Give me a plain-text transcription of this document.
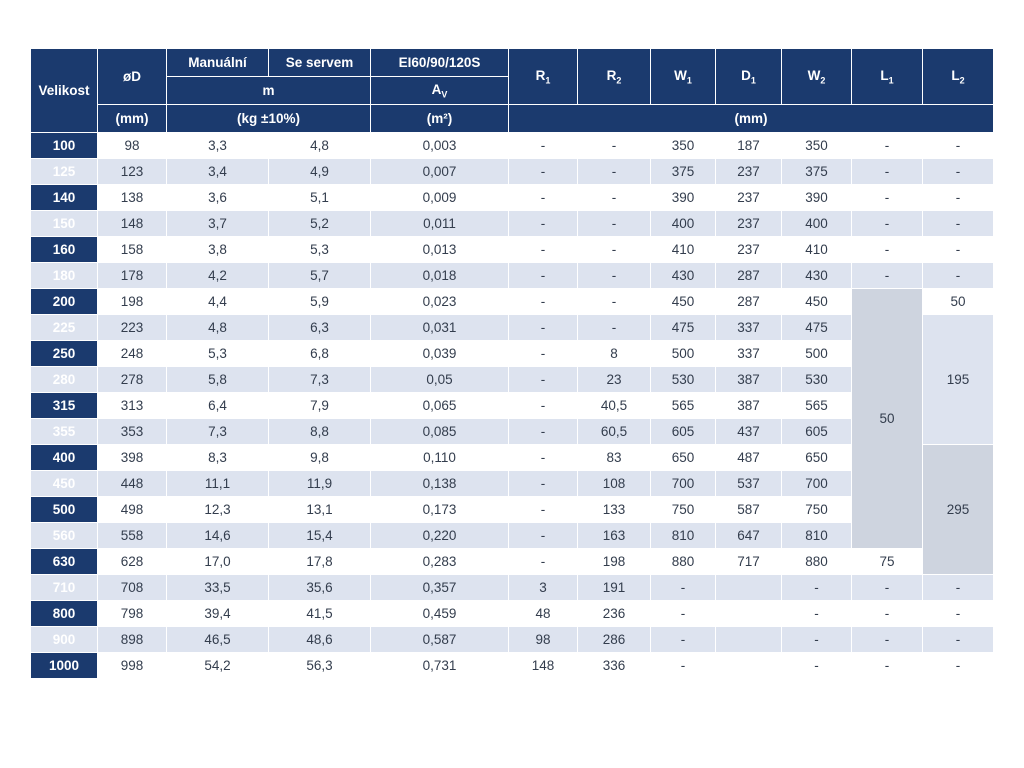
Velikost	øD	Manuální	Se servem	EI60/90/120S	$R_1$	$R_2$	$W_1$	$D_1$	$W_2$	$L_1$	$L_2$
		m		$A_V$
	(mm)	(kg ±10%)		(m²)	(mm)						
100	98	3,3	4,8	0,003	-	-	350	187	350	-	-
125	123	3,4	4,9	0,007	-	-	375	237	375	-	-
140	138	3,6	5,1	0,009	-	-	390	237	390	-	-
150	148	3,7	5,2	0,011	-	-	400	237	400	-	-
160	158	3,8	5,3	0,013	-	-	410	237	410	-	-
180	178	4,2	5,7	0,018	-	-	430	287	430	-	-
200	198	4,4	5,9	0,023	-	-	450	287	450	50	50
225	223	4,8	6,3	0,031	-	-	475	337	475		195
250	248	5,3	6,8	0,039	-	8	500	337	500		
280	278	5,8	7,3	0,05	-	23	530	387	530		
315	313	6,4	7,9	0,065	-	40,5	565	387	565		
355	353	7,3	8,8	0,085	-	60,5	605	437	605		
400	398	8,3	9,8	0,110	-	83	650	487	650		295
450	448	11,1	11,9	0,138	-	108	700	537	700		
500	498	12,3	13,1	0,173	-	133	750	587	750		
560	558	14,6	15,4	0,220	-	163	810	647	810		
630	628	17,0	17,8	0,283	-	198	880	717	880	75	
710	708	33,5	35,6	0,357	3	191	-		-	-	-
800	798	39,4	41,5	0,459	48	236	-		-	-	-
900	898	46,5	48,6	0,587	98	286	-		-	-	-
1000	998	54,2	56,3	0,731	148	336	-		-	-	-
